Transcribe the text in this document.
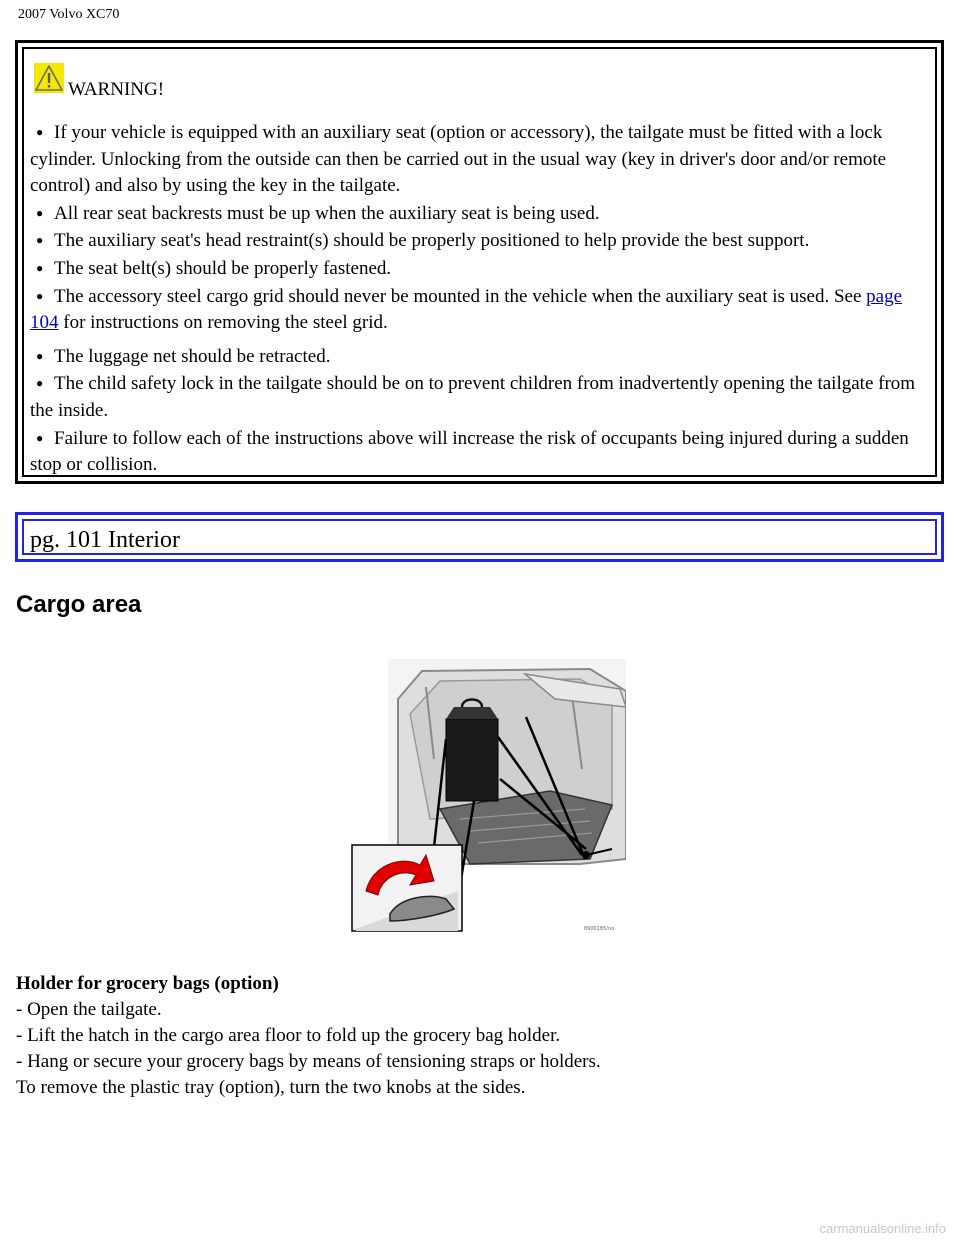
2007 Volvo XC70
WARNING!
● If your vehicle is equipped with an auxiliary seat (option or accessory), the tailgate must be fitted with a lock cylinder. Unlocking from the outside can then be carried out in the usual way (key in driver's door and/or remote control) and also by using the key in the tailgate.
● All rear seat backrests must be up when the auxiliary seat is being used.
● The auxiliary seat's head restraint(s) should be properly positioned to help provide the best support.
● The seat belt(s) should be properly fastened.
● The accessory steel cargo grid should never be mounted in the vehicle when the auxiliary seat is used. See page 104 for instructions on removing the steel grid.
● The luggage net should be retracted.
● The child safety lock in the tailgate should be on to prevent children from inadvertently opening the tailgate from the inside.
● Failure to follow each of the instructions above will increase the risk of occupants being injured during a sudden stop or collision.
pg. 101 Interior
Cargo area
8900185/no
Holder for grocery bags (option)
- Open the tailgate.
- Lift the hatch in the cargo area floor to fold up the grocery bag holder.
- Hang or secure your grocery bags by means of tensioning straps or holders.
To remove the plastic tray (option), turn the two knobs at the sides.
carmanualsonline.info
